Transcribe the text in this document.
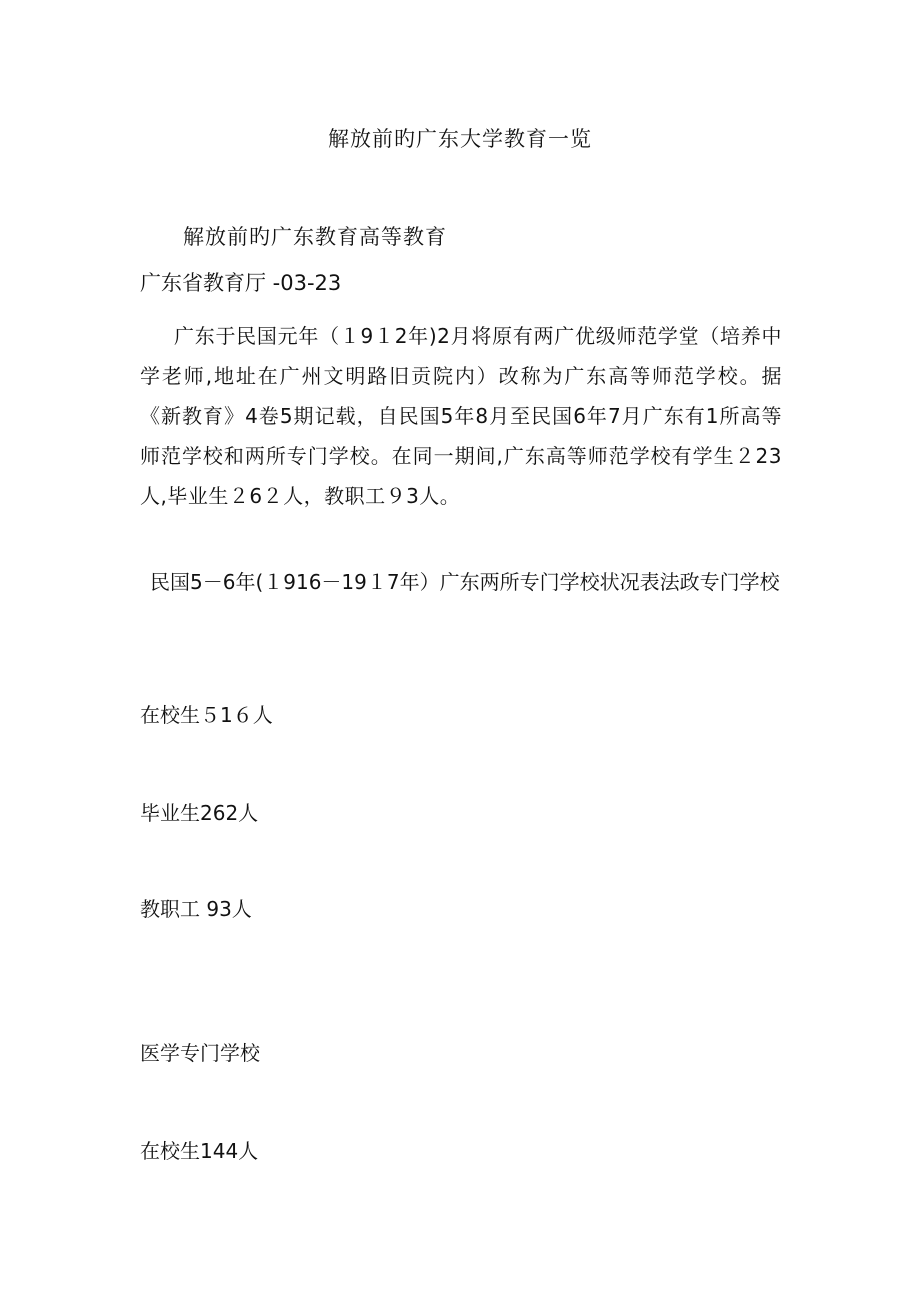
解放前旳广东大学教育一览
解放前旳广东教育高等教育
广东省教育厅 -03-23
广东于民国元年（１9１2年)2月将原有两广优级师范学堂（培养中学老师,地址在广州文明路旧贡院内）改称为广东高等师范学校。据《新教育》4卷5期记载，自民国5年8月至民国6年7月广东有1所高等师范学校和两所专门学校。在同一期间,广东高等师范学校有学生２23人,毕业生２6２人，教职工９3人。
民国5－6年(１916－19１7年）广东两所专门学校状况表法政专门学校
在校生５1６人
毕业生262人
教职工 93人
医学专门学校
在校生144人
